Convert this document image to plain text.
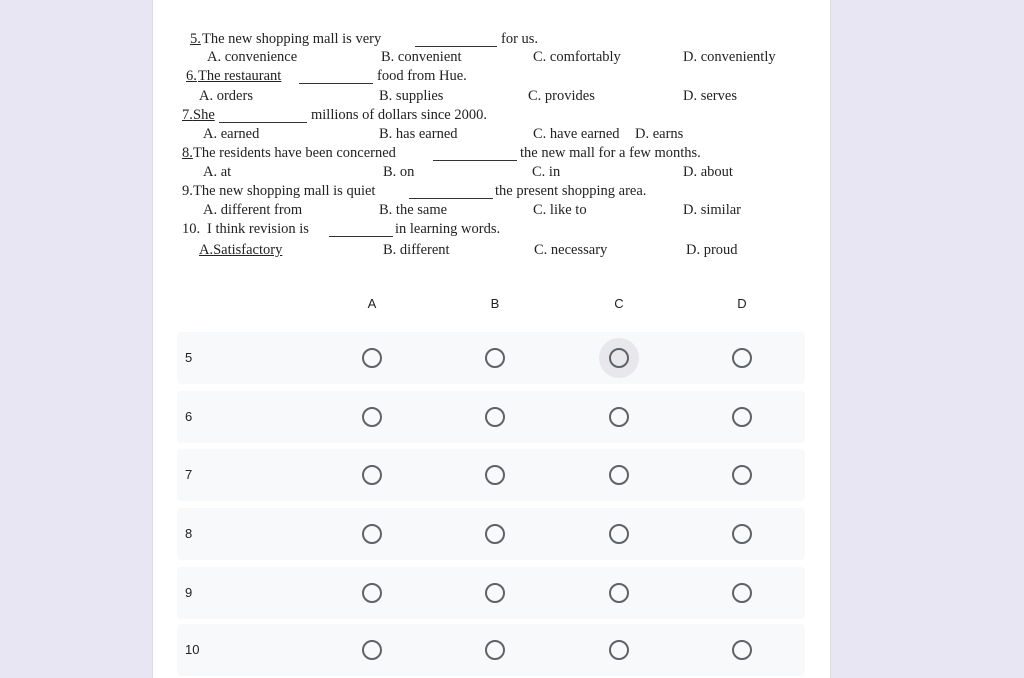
5. The new shopping mall is very	for us.
A. convenience	B. convenient	C. comfortably	D. conveniently
6. The restaurant	food from Hue.
A. orders	B. supplies	C. provides	D. serves
7. She	millions of dollars since 2000.
A. earned	B. has earned	C. have earned D. earns
8. The residents have been concerned	the new mall for a few months.
A. at	B. on	C. in	D. about
9. The new shopping mall is quiet	the present shopping area.
A. different from	B. the same	C. like to	D. similar
10. I think revision is	in learning words.
A.Satisfactory	B. different	C. necessary	D. proud
A	B	C	D
5
6
7
8
9
10
